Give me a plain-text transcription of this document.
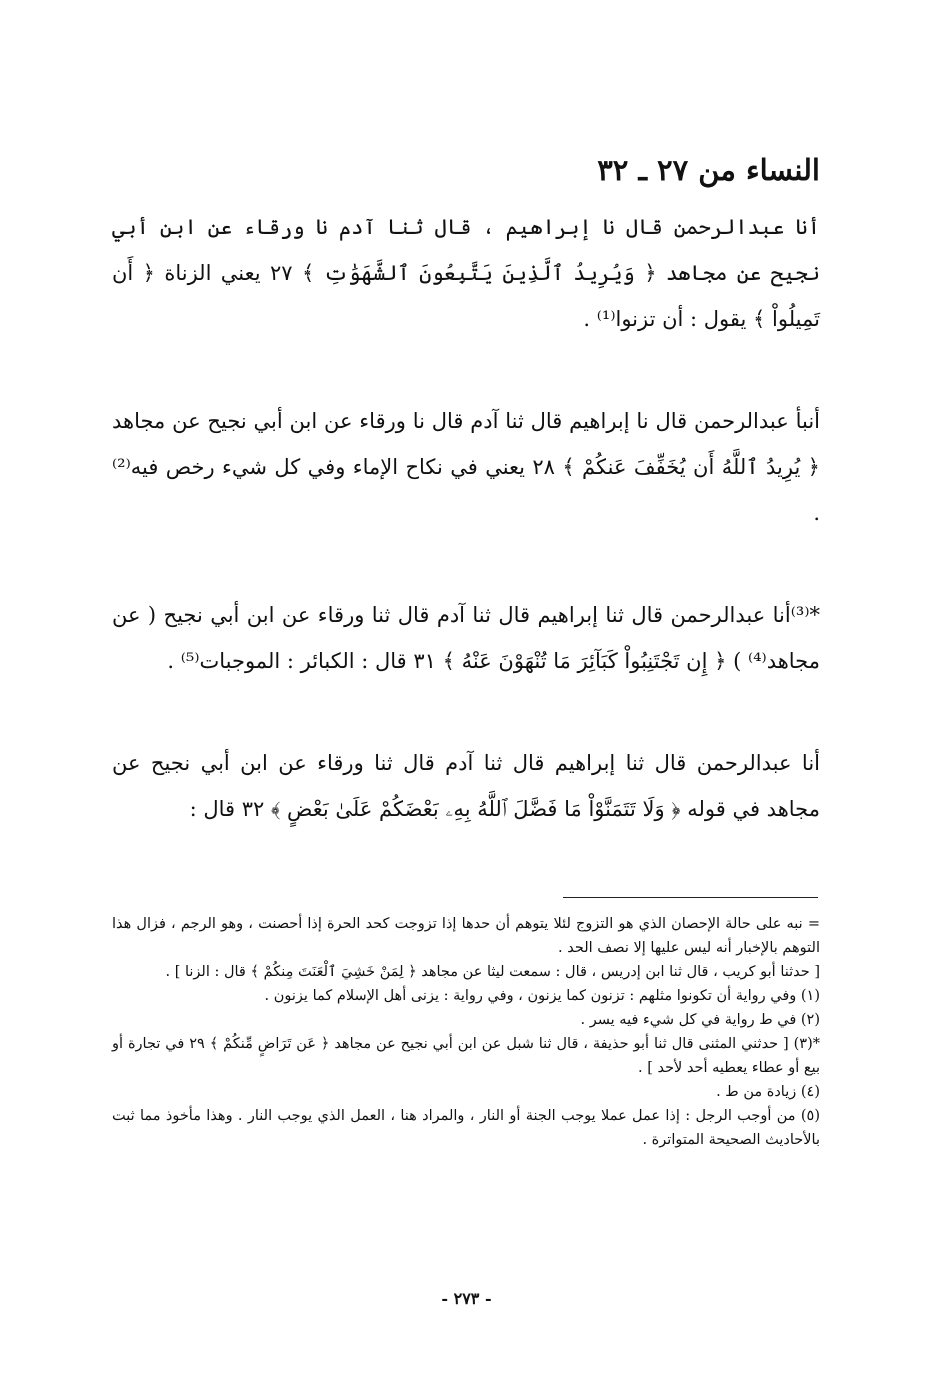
النساء من ٢٧ ـ ٣٢

أنا عبدالرحمن قال نا إبراهيم ، قال ثنا آدم نا ورقاء عن ابن أبي نجيح عن مجاهد ﴿ وَيُرِيدُ ٱلَّذِينَ يَتَّبِعُونَ ٱلشَّهَوَٰتِ ﴾ ٢٧ يعني الزناة ﴿ أَن تَمِيلُواْ ﴾ يقول : أن تزنوا⁽¹⁾ .

أنبأ عبدالرحمن قال نا إبراهيم قال ثنا آدم قال نا ورقاء عن ابن أبي نجيح عن مجاهد ﴿ يُرِيدُ ٱللَّهُ أَن يُخَفِّفَ عَنكُمْ ﴾ ٢٨ يعني في نكاح الإماء وفي كل شيء رخص فيه⁽²⁾ .

*⁽³⁾أنا عبدالرحمن قال ثنا إبراهيم قال ثنا آدم قال ثنا ورقاء عن ابن أبي نجيح ( عن مجاهد⁽⁴⁾ ) ﴿ إِن تَجْتَنِبُواْ كَبَآئِرَ مَا تُنْهَوْنَ عَنْهُ ﴾ ٣١ قال : الكبائر : الموجبات⁽⁵⁾ .

أنا عبدالرحمن قال ثنا إبراهيم قال ثنا آدم قال ثنا ورقاء عن ابن أبي نجيح عن مجاهد في قوله ﴿ وَلَا تَتَمَنَّوْاْ مَا فَضَّلَ ٱللَّهُ بِهِۦ بَعْضَكُمْ عَلَىٰ بَعْضٍ ﴾ ٣٢ قال :

= نبه على حالة الإحصان الذي هو التزوج لئلا يتوهم أن حدها إذا تزوجت كحد الحرة إذا أحصنت ، وهو الرجم ، فزال هذا التوهم بالإخبار أنه ليس عليها إلا نصف الحد .

[ حدثنا أبو كريب ، قال ثنا ابن إدريس ، قال : سمعت ليثا عن مجاهد ﴿ لِمَنْ خَشِيَ ٱلْعَنَتَ مِنكُمْ ﴾ قال : الزنا ] .

(١) وفي رواية أن تكونوا مثلهم : تزنون كما يزنون ، وفي رواية : يزنى أهل الإسلام كما يزنون .

(٢) في ط رواية في كل شيء فيه يسر .

*(٣) [ حدثني المثنى قال ثنا أبو حذيفة ، قال ثنا شبل عن ابن أبي نجيح عن مجاهد ﴿ عَن تَرَاضٍ مِّنكُمْ ﴾ ٢٩ في تجارة أو بيع أو عطاء يعطيه أحد لأحد ] .

(٤) زيادة من ط .

(٥) من أوجب الرجل : إذا عمل عملا يوجب الجنة أو النار ، والمراد هنا ، العمل الذي يوجب النار . وهذا مأخوذ مما ثبت بالأحاديث الصحيحة المتواترة .

- ٢٧٣ -
